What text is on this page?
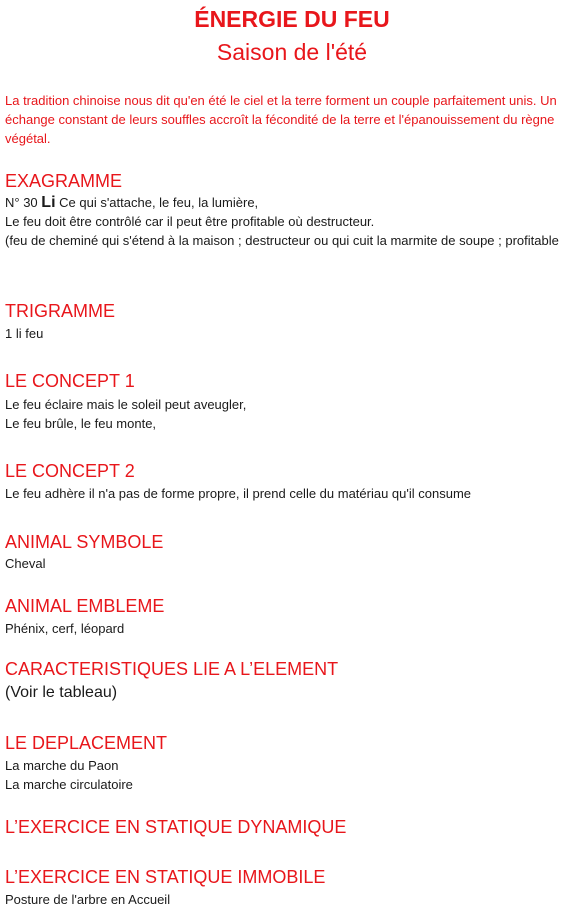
ÉNERGIE DU FEU
Saison de l'été
La tradition chinoise nous dit qu'en été le ciel et la terre forment un couple parfaitement unis. Un échange constant de leurs souffles accroît la fécondité de la terre et l'épanouissement du règne végétal.
EXAGRAMME
N° 30 Li Ce qui s'attache, le feu, la lumière,
Le feu doit être contrôlé car il peut être profitable où destructeur.
(feu de cheminé qui s'étend à la maison ; destructeur ou qui cuit la marmite de soupe ; profitable
TRIGRAMME
1 li feu
LE CONCEPT 1
Le feu éclaire mais le soleil peut aveugler,
Le feu brûle, le feu monte,
LE CONCEPT 2
Le feu adhère il n'a pas de forme propre, il prend celle du matériau qu'il consume
ANIMAL SYMBOLE
Cheval
ANIMAL EMBLEME
Phénix, cerf, léopard
CARACTERISTIQUES LIE A L’ELEMENT
(Voir le tableau)
LE DEPLACEMENT
La marche du Paon
La marche circulatoire
L’EXERCICE EN STATIQUE DYNAMIQUE
L’EXERCICE EN STATIQUE IMMOBILE
Posture de l'arbre en Accueil
